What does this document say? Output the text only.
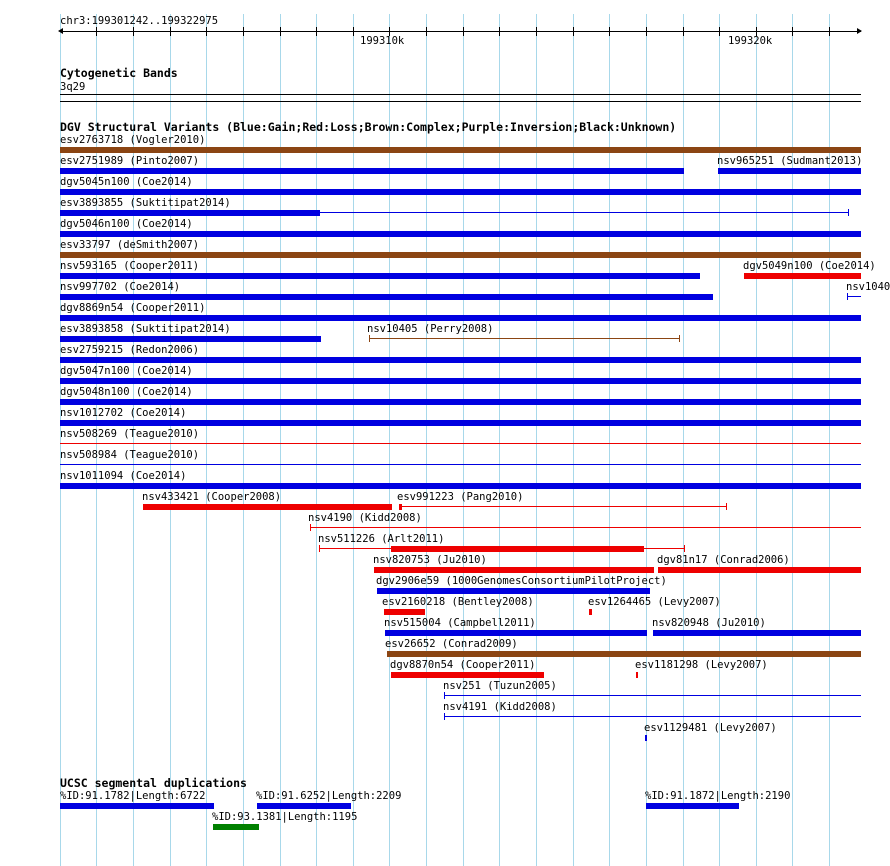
chr3:199301242..199322975
199310k	199320k
Cytogenetic Bands
3q29
DGV Structural Variants (Blue:Gain;Red:Loss;Brown:Complex;Purple:Inversion;Black:Unknown)
esv2763718 (Vogler2010)
esv2751989 (Pinto2007)	nsv965251 (Sudmant2013)
dgv5045n100 (Coe2014)
esv3893855 (Suktitipat2014)
dgv5046n100 (Coe2014)
esv33797 (deSmith2007)
nsv593165 (Cooper2011)	dgv5049n100 (Coe2014)
nsv997702 (Coe2014)	nsv1040
dgv8869n54 (Cooper2011)
esv3893858 (Suktitipat2014)	nsv10405 (Perry2008)
esv2759215 (Redon2006)
dgv5047n100 (Coe2014)
dgv5048n100 (Coe2014)
nsv1012702 (Coe2014)
nsv508269 (Teague2010)
nsv508984 (Teague2010)
nsv1011094 (Coe2014)
nsv433421 (Cooper2008)	esv991223 (Pang2010)
nsv4190 (Kidd2008)
nsv511226 (Arlt2011)
nsv820753 (Ju2010)	dgv81n17 (Conrad2006)
dgv2906e59 (1000GenomesConsortiumPilotProject)
esv2160218 (Bentley2008)	esv1264465 (Levy2007)
nsv515004 (Campbell2011)	nsv820948 (Ju2010)
esv26652 (Conrad2009)
dgv8870n54 (Cooper2011)	esv1181298 (Levy2007)
nsv251 (Tuzun2005)
nsv4191 (Kidd2008)
esv1129481 (Levy2007)
UCSC segmental duplications
%ID:91.1782|Length:6722	%ID:91.6252|Length:2209	%ID:91.1872|Length:2190
%ID:93.1381|Length:1195
